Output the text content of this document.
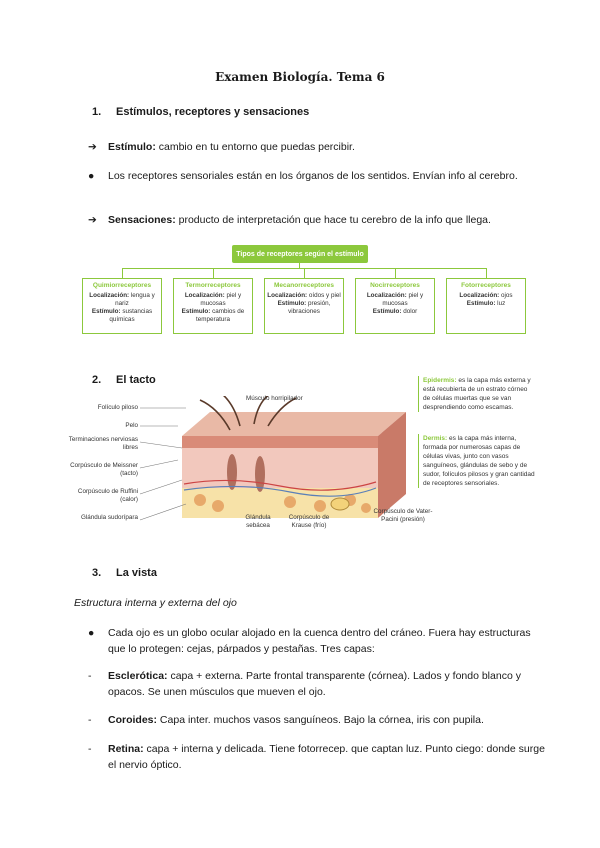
Examen Biología. Tema 6
1. Estímulos, receptores y sensaciones
➔ Estímulo: cambio en tu entorno que puedas percibir.
● Los receptores sensoriales están en los órganos de los sentidos. Envían info al cerebro.
➔ Sensaciones: producto de interpretación que hace tu cerebro de la info que llega.
Tipos de receptores según el estímulo
Quimiorreceptores
Localización: lengua y nariz
Estímulo: sustancias químicas
Termorreceptores
Localización: piel y mucosas
Estímulo: cambios de temperatura
Mecanorreceptores
Localización: oídos y piel
Estímulo: presión, vibraciones
Nocirreceptores
Localización: piel y mucosas
Estímulo: dolor
Fotorreceptores
Localización: ojos
Estímulo: luz
2. El tacto
Folículo piloso
Pelo
Terminaciones nerviosas libres
Corpúsculo de Meissner (tacto)
Corpúsculo de Ruffini (calor)
Glándula sudorípara
Músculo horripilador
Glándula sebácea
Corpúsculo de Krause (frío)
Corpúsculo de Vater-Pacini (presión)
Epidermis: es la capa más externa y está recubierta de un estrato córneo de células muertas que se van desprendiendo como escamas.
Dermis: es la capa más interna, formada por numerosas capas de células vivas, junto con vasos sanguíneos, glándulas de sebo y de sudor, folículos pilosos y gran cantidad de receptores sensoriales.
3. La vista
Estructura interna y externa del ojo
● Cada ojo es un globo ocular alojado en la cuenca dentro del cráneo. Fuera hay estructuras que lo protegen: cejas, párpados y pestañas. Tres capas:
- Esclerótica: capa + externa. Parte frontal transparente (córnea). Lados y fondo blanco y opacos. Se unen músculos que mueven el ojo.
- Coroides: Capa inter. muchos vasos sanguíneos. Bajo la córnea, iris con pupila.
- Retina: capa + interna y delicada. Tiene fotorrecep. que captan luz. Punto ciego: donde surge el nervio óptico.
